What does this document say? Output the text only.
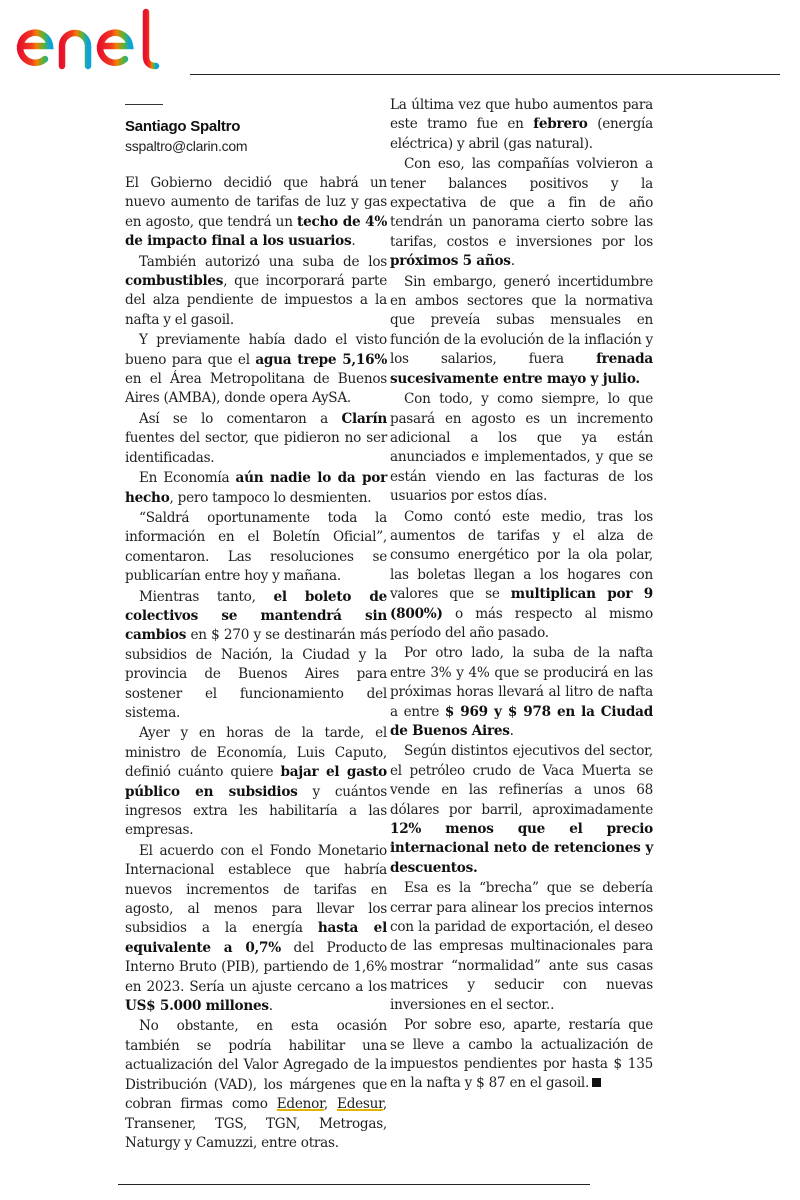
Santiago Spaltro
sspaltro@clarin.com

El Gobierno decidió que habrá un nuevo aumento de tarifas de luz y gas en agosto, que tendrá un techo de 4% de impacto final a los usuarios.

También autorizó una suba de los combustibles, que incorporará parte del alza pendiente de impuestos a la nafta y el gasoil.

Y previamente había dado el visto bueno para que el agua trepe 5,16% en el Área Metropolitana de Buenos Aires (AMBA), donde opera AySA.

Así se lo comentaron a Clarín fuentes del sector, que pidieron no ser identificadas.

En Economía aún nadie lo da por hecho, pero tampoco lo desmienten.

“Saldrá oportunamente toda la información en el Boletín Oficial”, comentaron. Las resoluciones se publicarían entre hoy y mañana.

Mientras tanto, el boleto de colectivos se mantendrá sin cambios en $ 270 y se destinarán más subsidios de Nación, la Ciudad y la provincia de Buenos Aires para sostener el funcionamiento del sistema.

Ayer y en horas de la tarde, el ministro de Economía, Luis Caputo, definió cuánto quiere bajar el gasto público en subsidios y cuántos ingresos extra les habilitaría a las empresas.

El acuerdo con el Fondo Monetario Internacional establece que habría nuevos incrementos de tarifas en agosto, al menos para llevar los subsidios a la energía hasta el equivalente a 0,7% del Producto Interno Bruto (PIB), partiendo de 1,6% en 2023. Sería un ajuste cercano a los US$ 5.000 millones.

No obstante, en esta ocasión también se podría habilitar una actualización del Valor Agregado de la Distribución (VAD), los márgenes que cobran firmas como Edenor, Edesur, Transener, TGS, TGN, Metrogas, Naturgy y Camuzzi, entre otras.

La última vez que hubo aumentos para este tramo fue en febrero (energía eléctrica) y abril (gas natural).

Con eso, las compañías volvieron a tener balances positivos y la expectativa de que a fin de año tendrán un panorama cierto sobre las tarifas, costos e inversiones por los próximos 5 años.

Sin embargo, generó incertidumbre en ambos sectores que la normativa que preveía subas mensuales en función de la evolución de la inflación y los salarios, fuera frenada sucesivamente entre mayo y julio.

Con todo, y como siempre, lo que pasará en agosto es un incremento adicional a los que ya están anunciados e implementados, y que se están viendo en las facturas de los usuarios por estos días.

Como contó este medio, tras los aumentos de tarifas y el alza de consumo energético por la ola polar, las boletas llegan a los hogares con valores que se multiplican por 9 (800%) o más respecto al mismo período del año pasado.

Por otro lado, la suba de la nafta entre 3% y 4% que se producirá en las próximas horas llevará al litro de nafta a entre $ 969 y $ 978 en la Ciudad de Buenos Aires.

Según distintos ejecutivos del sector, el petróleo crudo de Vaca Muerta se vende en las refinerías a unos 68 dólares por barril, aproximadamente 12% menos que el precio internacional neto de retenciones y descuentos.

Esa es la “brecha” que se debería cerrar para alinear los precios internos con la paridad de exportación, el deseo de las empresas multinacionales para mostrar “normalidad” ante sus casas matrices y seducir con nuevas inversiones en el sector..

Por sobre eso, aparte, restaría que se lleve a cambo la actualización de impuestos pendientes por hasta $ 135 en la nafta y $ 87 en el gasoil.
